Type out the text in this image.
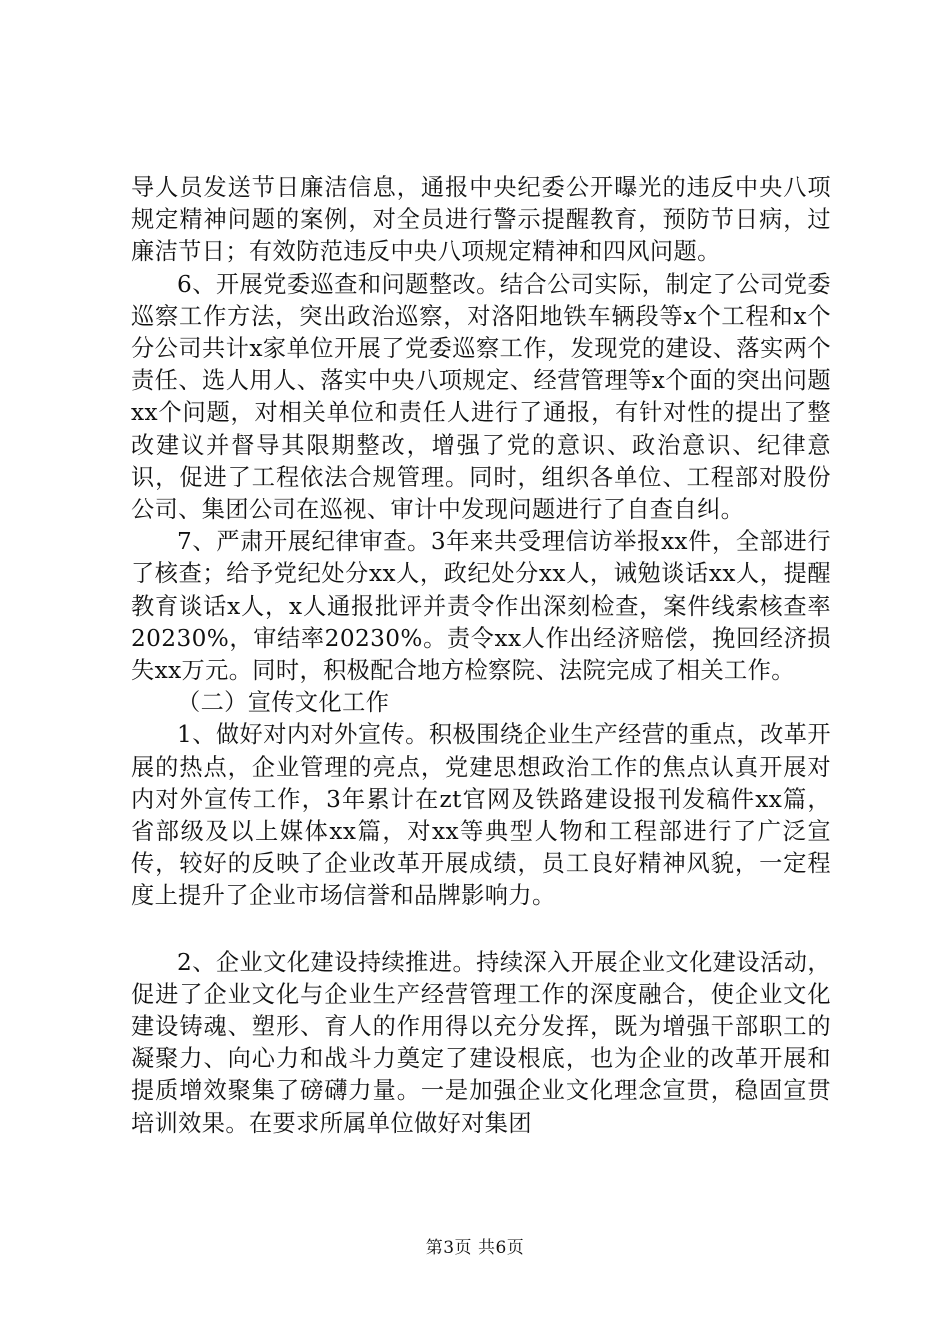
导人员发送节日廉洁信息，通报中央纪委公开曝光的违反中央八项规定精神问题的案例，对全员进行警示提醒教育，预防节日病，过廉洁节日；有效防范违反中央八项规定精神和四风问题。

6、开展党委巡查和问题整改。结合公司实际，制定了公司党委巡察工作方法，突出政治巡察，对洛阳地铁车辆段等x个工程和x个分公司共计x家单位开展了党委巡察工作，发现党的建设、落实两个责任、选人用人、落实中央八项规定、经营管理等x个面的突出问题xx个问题，对相关单位和责任人进行了通报，有针对性的提出了整改建议并督导其限期整改，增强了党的意识、政治意识、纪律意识，促进了工程依法合规管理。同时，组织各单位、工程部对股份公司、集团公司在巡视、审计中发现问题进行了自查自纠。

7、严肃开展纪律审查。3年来共受理信访举报xx件，全部进行了核查；给予党纪处分xx人，政纪处分xx人，诫勉谈话xx人，提醒教育谈话x人，x人通报批评并责令作出深刻检查，案件线索核查率20230%，审结率20230%。责令xx人作出经济赔偿，挽回经济损失xx万元。同时，积极配合地方检察院、法院完成了相关工作。

（二）宣传文化工作

1、做好对内对外宣传。积极围绕企业生产经营的重点，改革开展的热点，企业管理的亮点，党建思想政治工作的焦点认真开展对内对外宣传工作，3年累计在zt官网及铁路建设报刊发稿件xx篇，省部级及以上媒体xx篇，对xx等典型人物和工程部进行了广泛宣传，较好的反映了企业改革开展成绩，员工良好精神风貌，一定程度上提升了企业市场信誉和品牌影响力。

2、企业文化建设持续推进。持续深入开展企业文化建设活动，促进了企业文化与企业生产经营管理工作的深度融合，使企业文化建设铸魂、塑形、育人的作用得以充分发挥，既为增强干部职工的凝聚力、向心力和战斗力奠定了建设根底，也为企业的改革开展和提质增效聚集了磅礴力量。一是加强企业文化理念宣贯，稳固宣贯培训效果。在要求所属单位做好对集团

第3页 共6页
